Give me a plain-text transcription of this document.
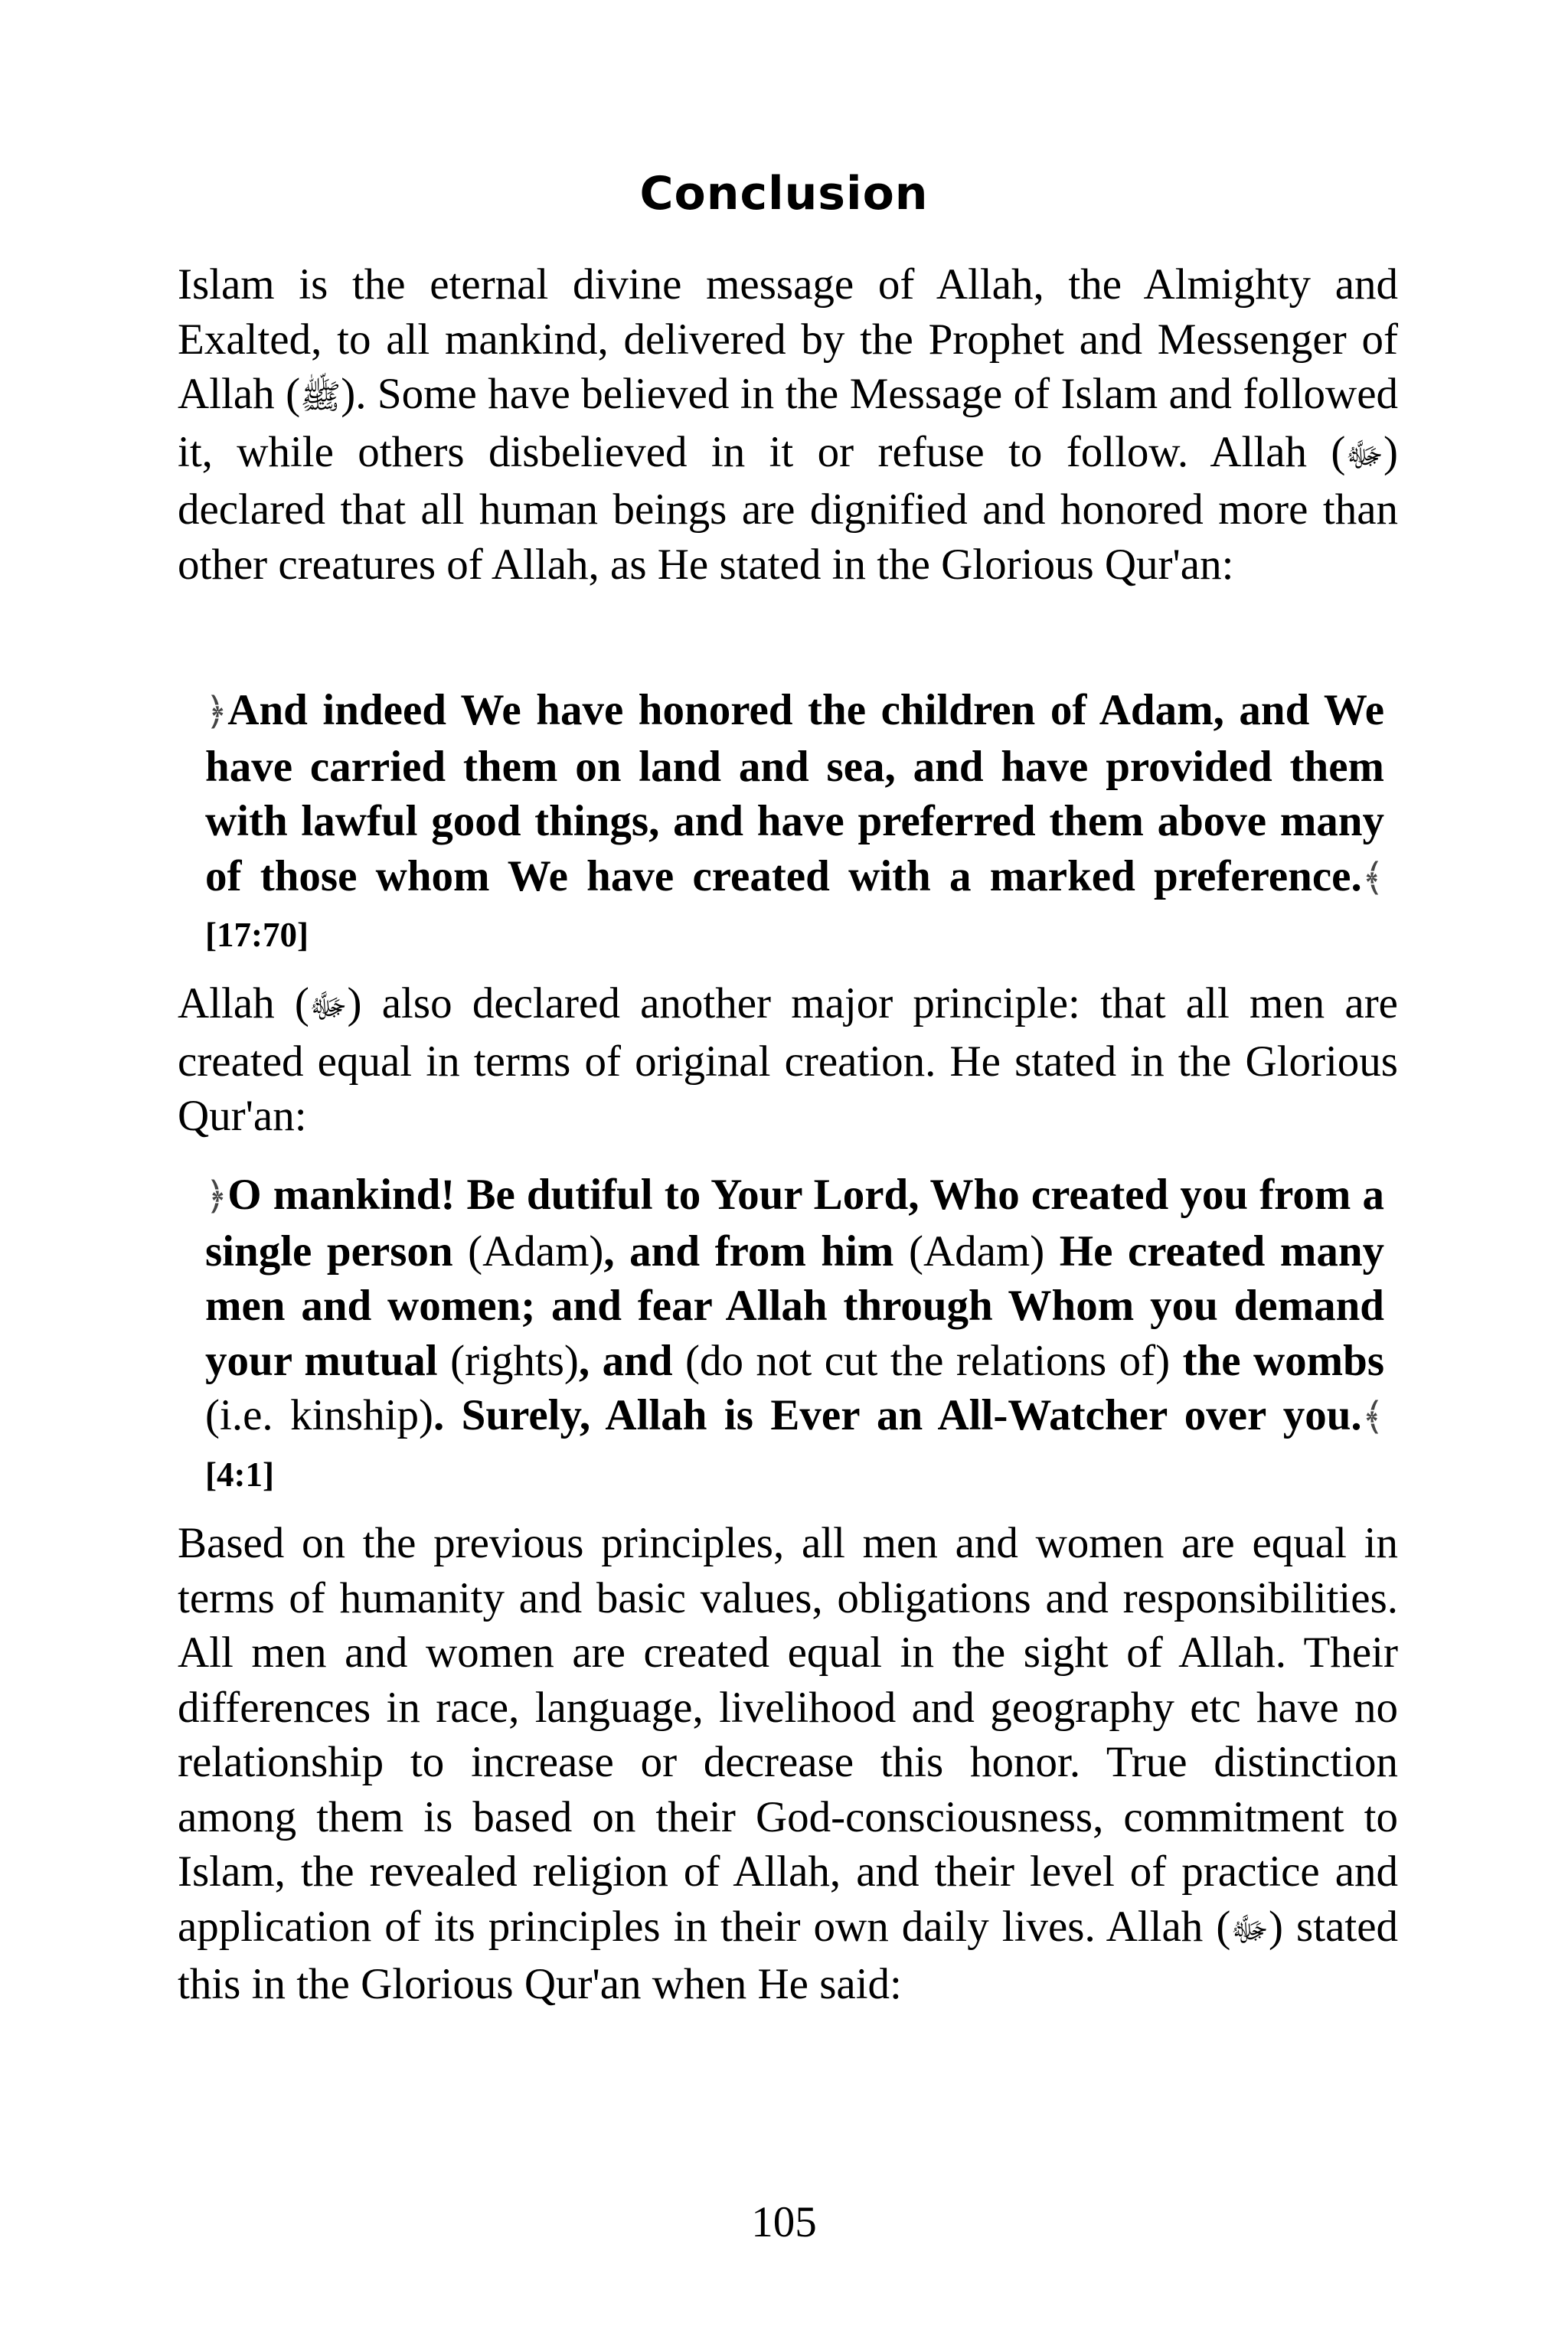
Conclusion

Islam is the eternal divine message of Allah, the Almighty and Exalted, to all mankind, delivered by the Prophet and Messenger of Allah (ﷺ). Some have believed in the Message of Islam and followed it, while others disbelieved in it or refuse to follow. Allah (ﷻ) declared that all human beings are dignified and honored more than other creatures of Allah, as He stated in the Glorious Qur'an:

﴿And indeed We have honored the children of Adam, and We have carried them on land and sea, and have provided them with lawful good things, and have preferred them above many of those whom We have created with a marked preference.﴾ [17:70]

Allah (ﷻ) also declared another major principle: that all men are created equal in terms of original creation. He stated in the Glorious Qur'an:

﴿O mankind! Be dutiful to Your Lord, Who created you from a single person (Adam), and from him (Adam) He created many men and women; and fear Allah through Whom you demand your mutual (rights), and (do not cut the relations of) the wombs (i.e. kinship). Surely, Allah is Ever an All-Watcher over you.﴾ [4:1]

Based on the previous principles, all men and women are equal in terms of humanity and basic values, obligations and responsibilities. All men and women are created equal in the sight of Allah. Their differences in race, language, livelihood and geography etc have no relationship to increase or decrease this honor. True distinction among them is based on their God-consciousness, commitment to Islam, the revealed religion of Allah, and their level of practice and application of its principles in their own daily lives. Allah (ﷻ) stated this in the Glorious Qur'an when He said:

105
